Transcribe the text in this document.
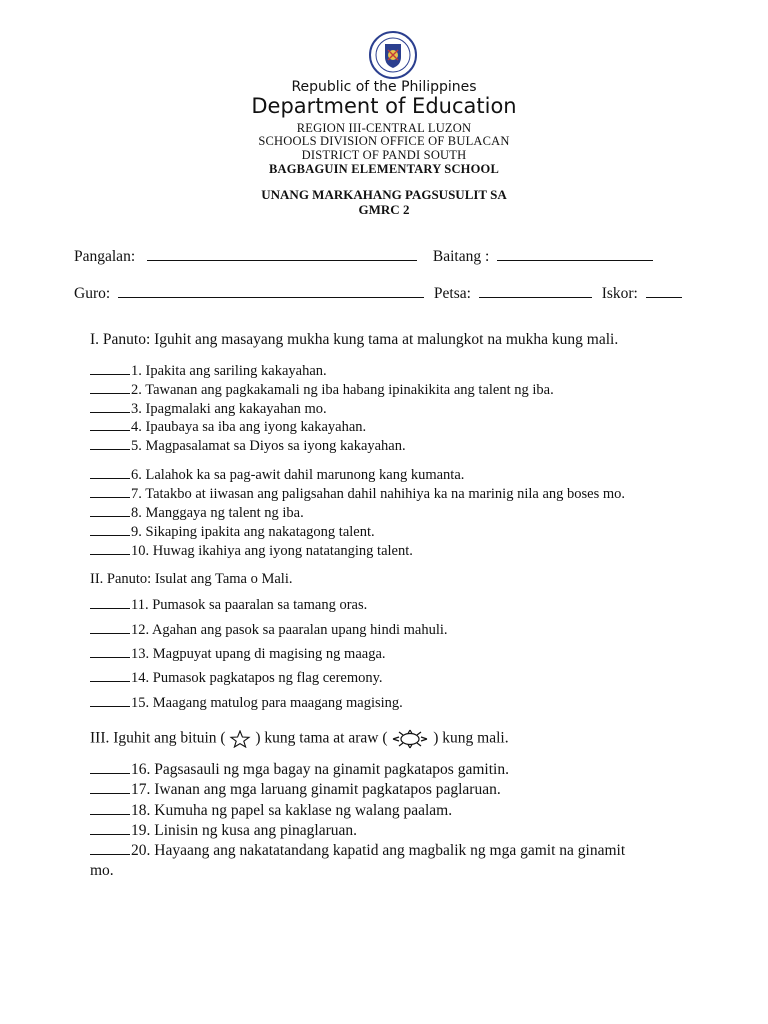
Republic of the Philippines
Department of Education
REGION III-CENTRAL LUZON
SCHOOLS DIVISION OFFICE OF BULACAN
DISTRICT OF PANDI SOUTH
BAGBAGUIN ELEMENTARY SCHOOL
UNANG MARKAHANG PAGSUSULIT SA
GMRC 2
Pangalan:	Baitang :
Guro:	Petsa:	Iskor:
I. Panuto: Iguhit ang masayang mukha kung tama at malungkot na mukha kung mali.
1. Ipakita ang sariling kakayahan.
2. Tawanan ang pagkakamali ng iba habang ipinakikita ang talent ng iba.
3. Ipagmalaki ang kakayahan mo.
4. Ipaubaya sa iba ang iyong kakayahan.
5. Magpasalamat sa Diyos sa iyong kakayahan.
6. Lalahok ka sa pag-awit dahil marunong kang kumanta.
7. Tatakbo at iiwasan ang paligsahan dahil nahihiya ka na marinig nila ang boses mo.
8. Manggaya ng talent ng iba.
9. Sikaping ipakita ang nakatagong talent.
10. Huwag ikahiya ang iyong natatanging talent.
II. Panuto: Isulat ang Tama o Mali.
11. Pumasok sa paaralan sa tamang oras.
12. Agahan ang pasok sa paaralan upang hindi mahuli.
13. Magpuyat upang di magising ng maaga.
14. Pumasok pagkatapos ng flag ceremony.
15. Maagang matulog para maagang magising.
III. Iguhit ang bituin ( ) kung tama at araw (	) kung mali.
16. Pagsasauli ng mga bagay na ginamit pagkatapos gamitin.
17. Iwanan ang mga laruang ginamit pagkatapos paglaruan.
18. Kumuha ng papel sa kaklase ng walang paalam.
19. Linisin ng kusa ang pinaglaruan.
20. Hayaang ang nakatatandang kapatid ang magbalik ng mga gamit na ginamit
mo.
